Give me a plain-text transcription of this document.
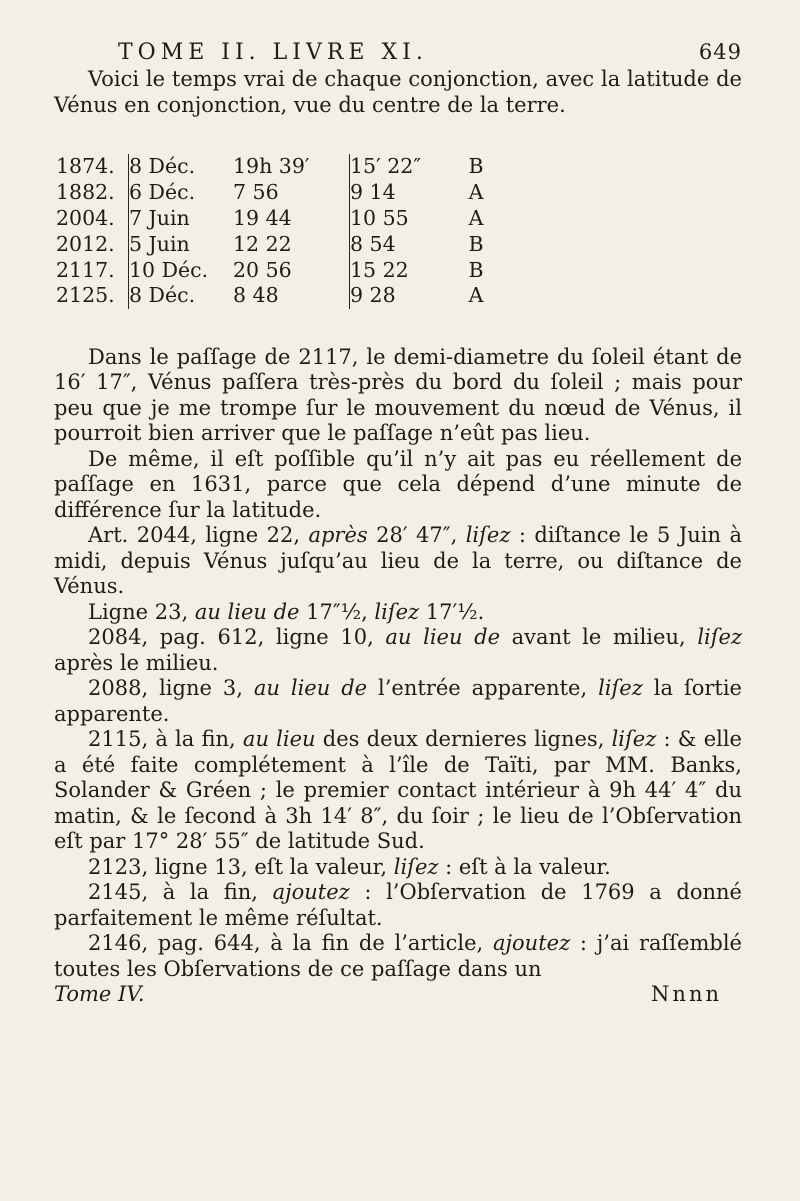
TOME II. LIVRE XI.	649

Voici le temps vrai de chaque conjonction, avec la latitude de Vénus en conjonction, vue du centre de la terre.

1874.	8 Déc.	19h 39′	15′ 22″	B
1882.	6 Déc.	7 56	9 14	A
2004.	7 Juin	19 44	10 55	A
2012.	5 Juin	12 22	8 54	B
2117.	10 Déc.	20 56	15 22	B
2125.	8 Déc.	8 48	9 28	A

Dans le paſſage de 2117, le demi-diametre du ſoleil étant de 16′ 17″, Vénus paſſera très-près du bord du ſoleil ; mais pour peu que je me trompe ſur le mouvement du nœud de Vénus, il pourroit bien arriver que le paſſage n’eût pas lieu.

De même, il eſt poſſible qu’il n’y ait pas eu réellement de paſſage en 1631, parce que cela dépend d’une minute de différence ſur la latitude.

Art. 2044, ligne 22, après 28′ 47″, liſez : diſtance le 5 Juin à midi, depuis Vénus juſqu’au lieu de la terre, ou diſtance de Vénus.

Ligne 23, au lieu de 17″½, liſez 17′½.

2084, pag. 612, ligne 10, au lieu de avant le milieu, liſez après le milieu.

2088, ligne 3, au lieu de l’entrée apparente, liſez la ſortie apparente.

2115, à la fin, au lieu des deux dernieres lignes, liſez : & elle a été faite complétement à l’île de Taïti, par MM. Banks, Solander & Gréen ; le premier contact intérieur à 9h 44′ 4″ du matin, & le ſecond à 3h 14′ 8″, du ſoir ; le lieu de l’Obſervation eſt par 17° 28′ 55″ de latitude Sud.

2123, ligne 13, eſt la valeur, liſez : eſt à la valeur.

2145, à la fin, ajoutez : l’Obſervation de 1769 a donné parfaitement le même réſultat.

2146, pag. 644, à la fin de l’article, ajoutez : j’ai raſſemblé toutes les Obſervations de ce paſſage dans un

Tome IV.	Nnnn
